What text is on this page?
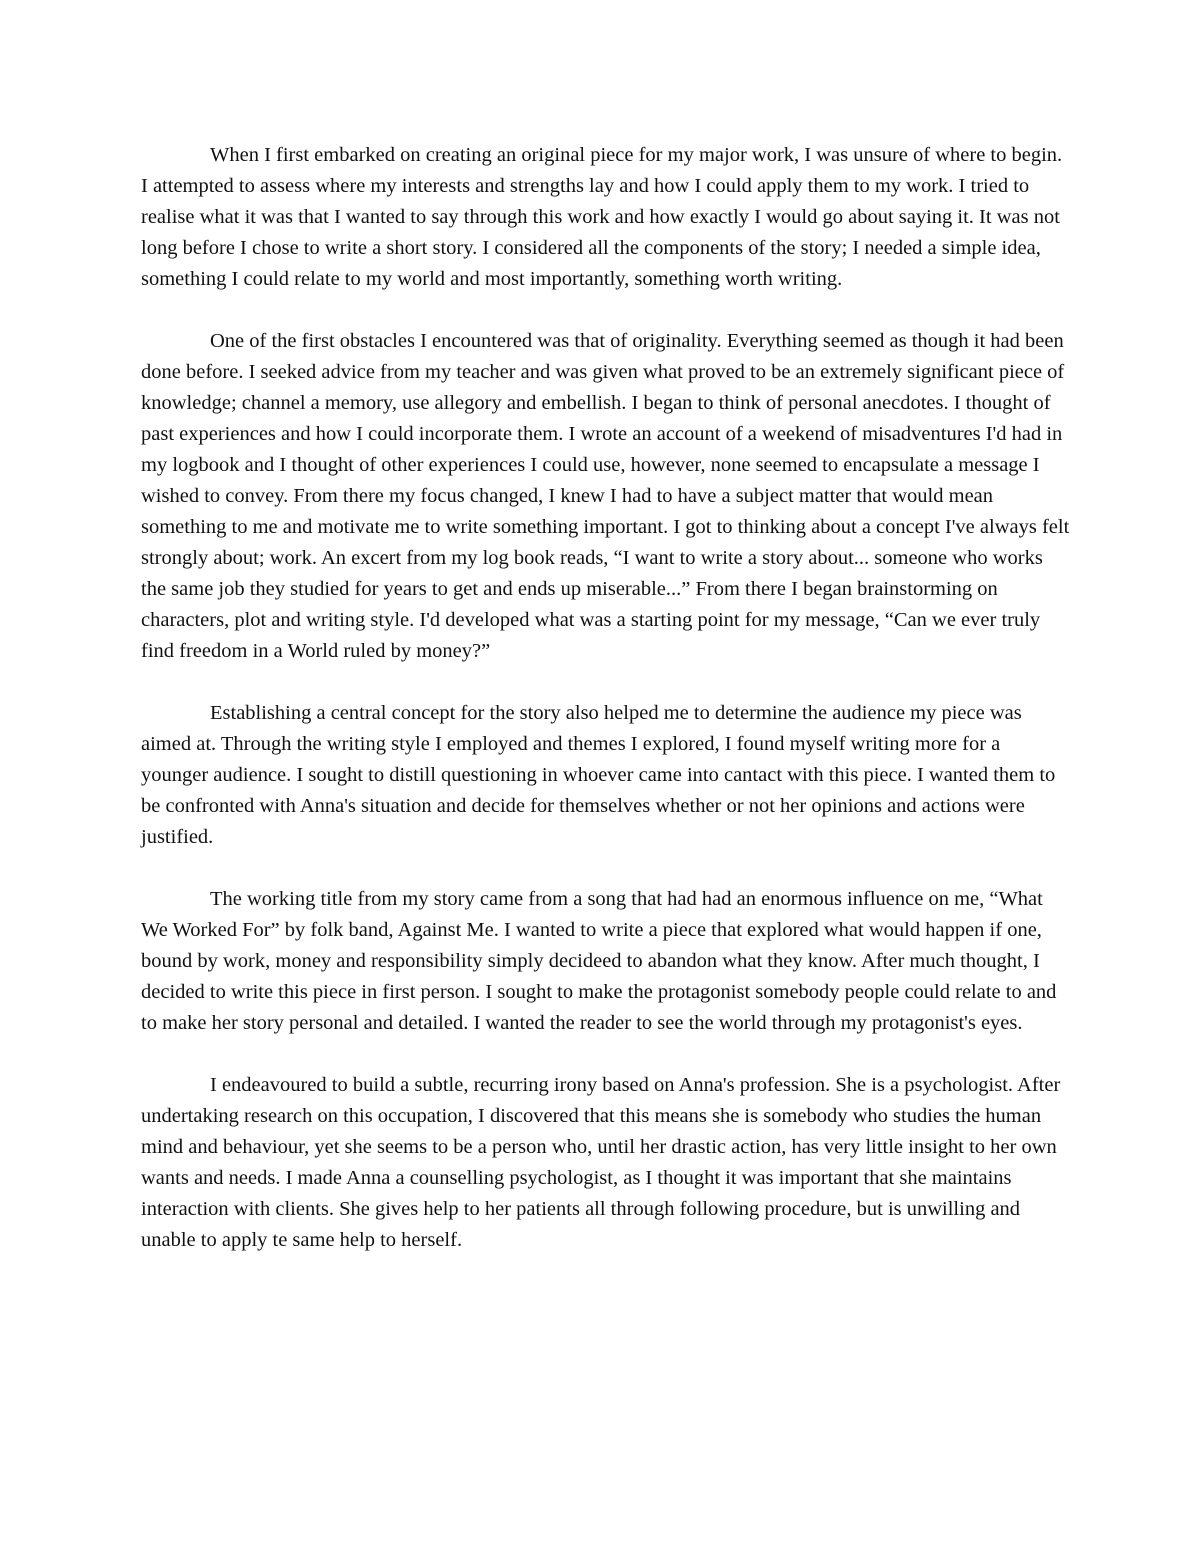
When I first embarked on creating an original piece for my major work, I was unsure of where to begin. I attempted to assess where my interests and strengths lay and how I could apply them to my work. I tried to realise what it was that I wanted to say through this work and how exactly I would go about saying it. It was not long before I chose to write a short story. I considered all the components of the story; I needed a simple idea, something I could relate to my world and most importantly, something worth writing.

One of the first obstacles I encountered was that of originality. Everything seemed as though it had been done before. I seeked advice from my teacher and was given what proved to be an extremely significant piece of knowledge; channel a memory, use allegory and embellish. I began to think of personal anecdotes. I thought of past experiences and how I could incorporate them. I wrote an account of a weekend of misadventures I'd had in my logbook and I thought of other experiences I could use, however, none seemed to encapsulate a message I wished to convey. From there my focus changed, I knew I had to have a subject matter that would mean something to me and motivate me to write something important. I got to thinking about a concept I've always felt strongly about; work. An excert from my log book reads, “I want to write a story about... someone who works the same job they studied for years to get and ends up miserable...” From there I began brainstorming on characters, plot and writing style. I'd developed what was a starting point for my message, “Can we ever truly find freedom in a World ruled by money?”

Establishing a central concept for the story also helped me to determine the audience my piece was aimed at. Through the writing style I employed and themes I explored, I found myself writing more for a younger audience. I sought to distill questioning in whoever came into cantact with this piece. I wanted them to be confronted with Anna's situation and decide for themselves whether or not her opinions and actions were justified.

The working title from my story came from a song that had had an enormous influence on me, “What We Worked For” by folk band, Against Me. I wanted to write a piece that explored what would happen if one, bound by work, money and responsibility simply decideed to abandon what they know. After much thought, I decided to write this piece in first person. I sought to make the protagonist somebody people could relate to and to make her story personal and detailed. I wanted the reader to see the world through my protagonist's eyes.

I endeavoured to build a subtle, recurring irony based on Anna's profession. She is a psychologist. After undertaking research on this occupation, I discovered that this means she is somebody who studies the human mind and behaviour, yet she seems to be a person who, until her drastic action, has very little insight to her own wants and needs. I made Anna a counselling psychologist, as I thought it was important that she maintains interaction with clients. She gives help to her patients all through following procedure, but is unwilling and unable to apply te same help to herself.
